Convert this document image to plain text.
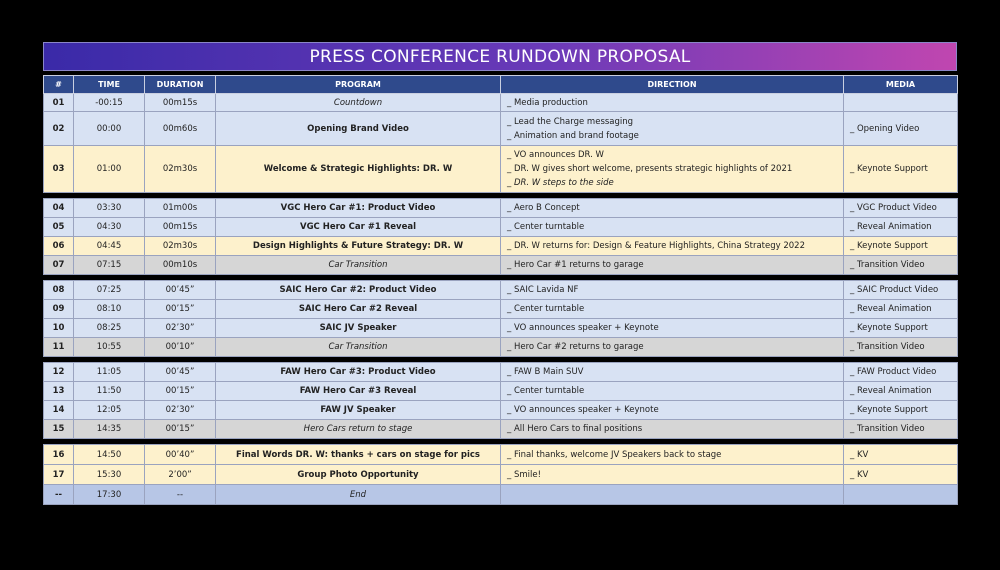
PRESS CONFERENCE RUNDOWN PROPOSAL
#	TIME	DURATION	PROGRAM	DIRECTION	MEDIA
01	-00:15	00m15s	Countdown	_ Media production	

02	00:00	00m60s	Opening Brand Video	_ Lead the Charge messaging
_ Animation and brand footage	_ Opening Video
03	01:00	02m30s	Welcome & Strategic Highlights: DR. W	_ VO announces DR. W
_ DR. W gives short welcome, presents strategic highlights of 2021
_ DR. W steps to the side	_ Keynote Support

04	03:30	01m00s	VGC Hero Car #1: Product Video	_ Aero B Concept	_ VGC Product Video
05	04:30	00m15s	VGC Hero Car #1 Reveal	_ Center turntable	_ Reveal Animation
06	04:45	02m30s	Design Highlights & Future Strategy: DR. W	_ DR. W returns for: Design & Feature Highlights, China Strategy 2022	_ Keynote Support
07	07:15	00m10s	Car Transition	_ Hero Car #1 returns to garage	_ Transition Video

08	07:25	00’45”	SAIC Hero Car #2: Product Video	_ SAIC Lavida NF	_ SAIC Product Video
09	08:10	00’15”	SAIC Hero Car #2 Reveal	_ Center turntable	_ Reveal Animation
10	08:25	02’30”	SAIC JV Speaker	_ VO announces speaker + Keynote	_ Keynote Support
11	10:55	00’10”	Car Transition	_ Hero Car #2 returns to garage	_ Transition Video

12	11:05	00’45”	FAW Hero Car #3: Product Video	_ FAW B Main SUV	_ FAW Product Video
13	11:50	00’15”	FAW Hero Car #3 Reveal	_ Center turntable	_ Reveal Animation
14	12:05	02’30”	FAW JV Speaker	_ VO announces speaker + Keynote	_ Keynote Support
15	14:35	00’15”	Hero Cars return to stage	_ All Hero Cars to final positions	_ Transition Video

16	14:50	00’40”	Final Words DR. W: thanks + cars on stage for pics	_ Final thanks, welcome JV Speakers back to stage	_ KV
17	15:30	2’00”	Group Photo Opportunity	_ Smile!	_ KV
--	17:30	--	End		
